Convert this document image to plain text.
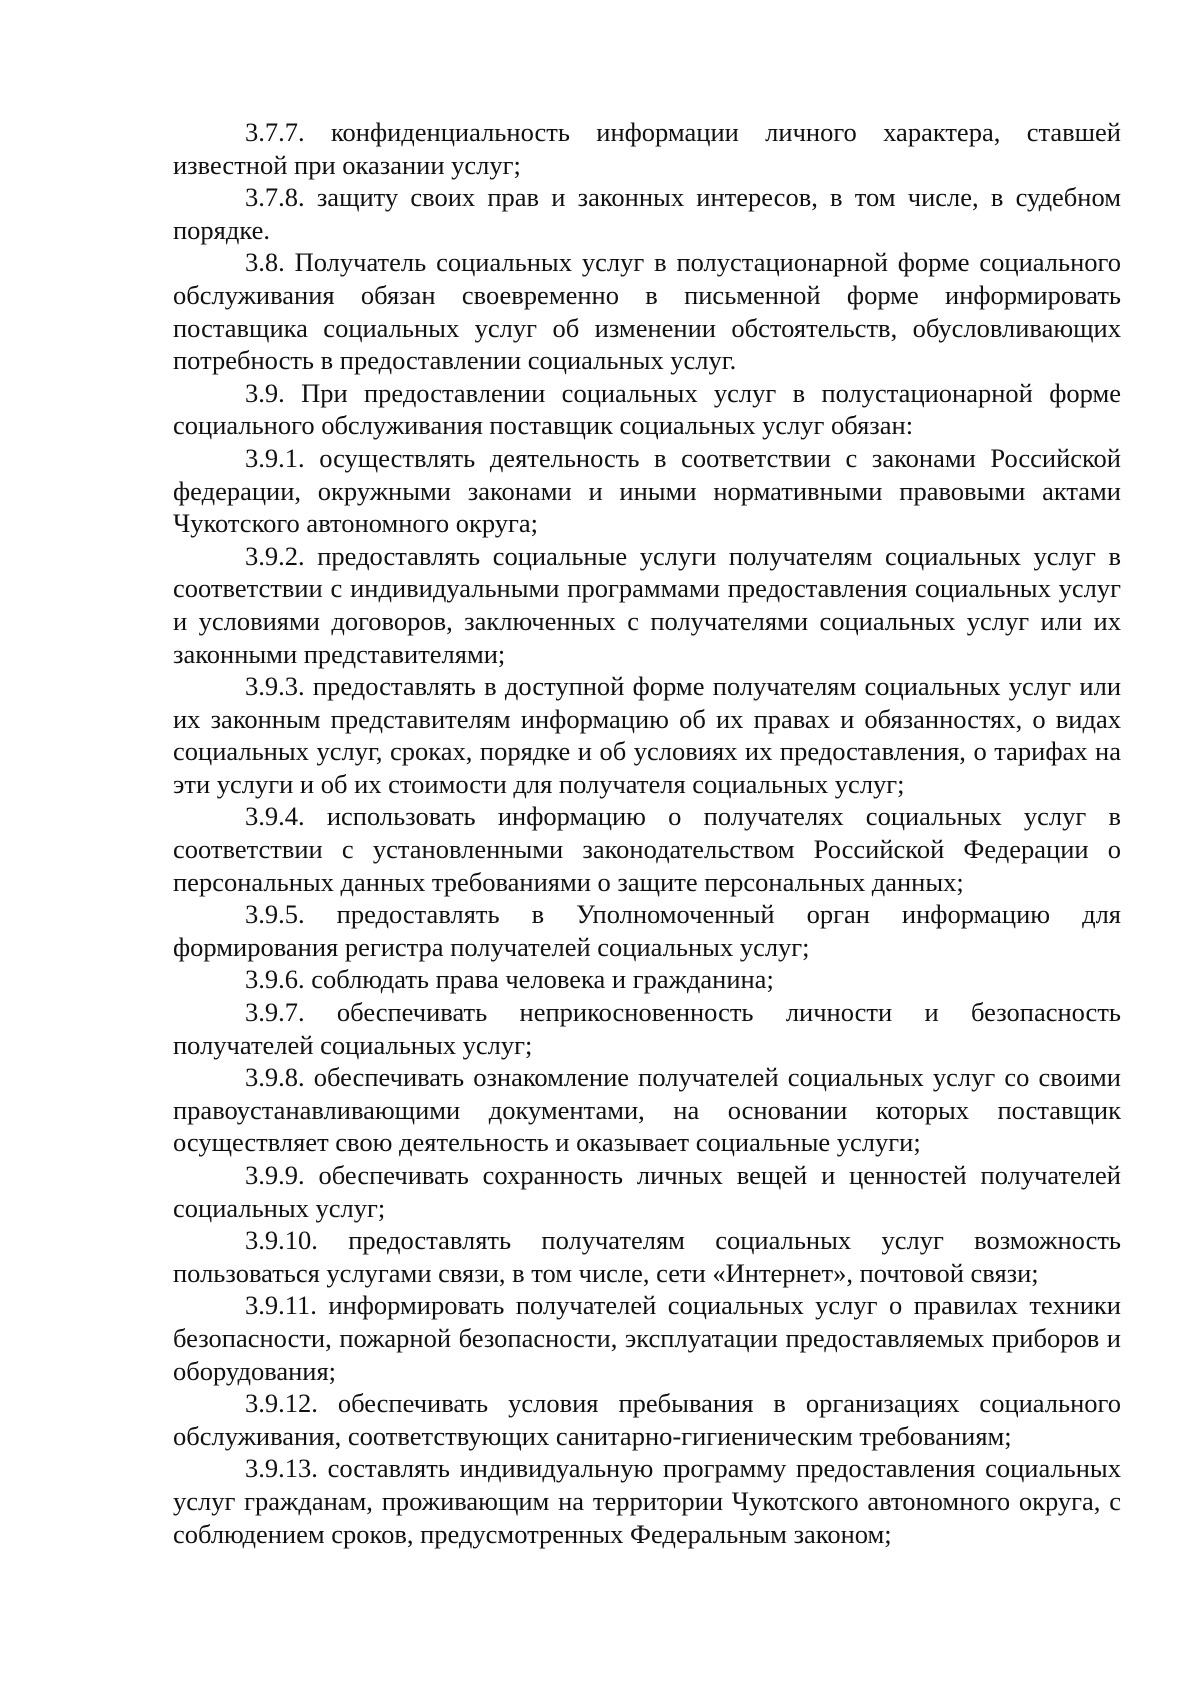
3.7.7. конфиденциальность информации личного характера, ставшей известной при оказании услуг;

3.7.8. защиту своих прав и законных интересов, в том числе, в судебном порядке.

3.8. Получатель социальных услуг в полустационарной форме социального обслуживания обязан своевременно в письменной форме информировать поставщика социальных услуг об изменении обстоятельств, обусловливающих потребность в предоставлении социальных услуг.

3.9. При предоставлении социальных услуг в полустационарной форме социального обслуживания поставщик социальных услуг обязан:

3.9.1. осуществлять деятельность в соответствии с законами Российской федерации, окружными законами и иными нормативными правовыми актами Чукотского автономного округа;

3.9.2. предоставлять социальные услуги получателям социальных услуг в соответствии с индивидуальными программами предоставления социальных услуг и условиями договоров, заключенных с получателями социальных услуг или их законными представителями;

3.9.3. предоставлять в доступной форме получателям социальных услуг или их законным представителям информацию об их правах и обязанностях, о видах социальных услуг, сроках, порядке и об условиях их предоставления, о тарифах на эти услуги и об их стоимости для получателя социальных услуг;

3.9.4. использовать информацию о получателях социальных услуг в соответствии с установленными законодательством Российской Федерации о персональных данных требованиями о защите персональных данных;

3.9.5. предоставлять в Уполномоченный орган информацию для формирования регистра получателей социальных услуг;

3.9.6. соблюдать права человека и гражданина;

3.9.7. обеспечивать неприкосновенность личности и безопасность получателей социальных услуг;

3.9.8. обеспечивать ознакомление получателей социальных услуг со своими правоустанавливающими документами, на основании которых поставщик осуществляет свою деятельность и оказывает социальные услуги;

3.9.9. обеспечивать сохранность личных вещей и ценностей получателей социальных услуг;

3.9.10. предоставлять получателям социальных услуг возможность пользоваться услугами связи, в том числе, сети «Интернет», почтовой связи;

3.9.11. информировать получателей социальных услуг о правилах техники безопасности, пожарной безопасности, эксплуатации предоставляемых приборов и оборудования;

3.9.12. обеспечивать условия пребывания в организациях социального обслуживания, соответствующих санитарно-гигиеническим требованиям;

3.9.13. составлять индивидуальную программу предоставления социальных услуг гражданам, проживающим на территории Чукотского автономного округа, с соблюдением сроков, предусмотренных Федеральным законом;
